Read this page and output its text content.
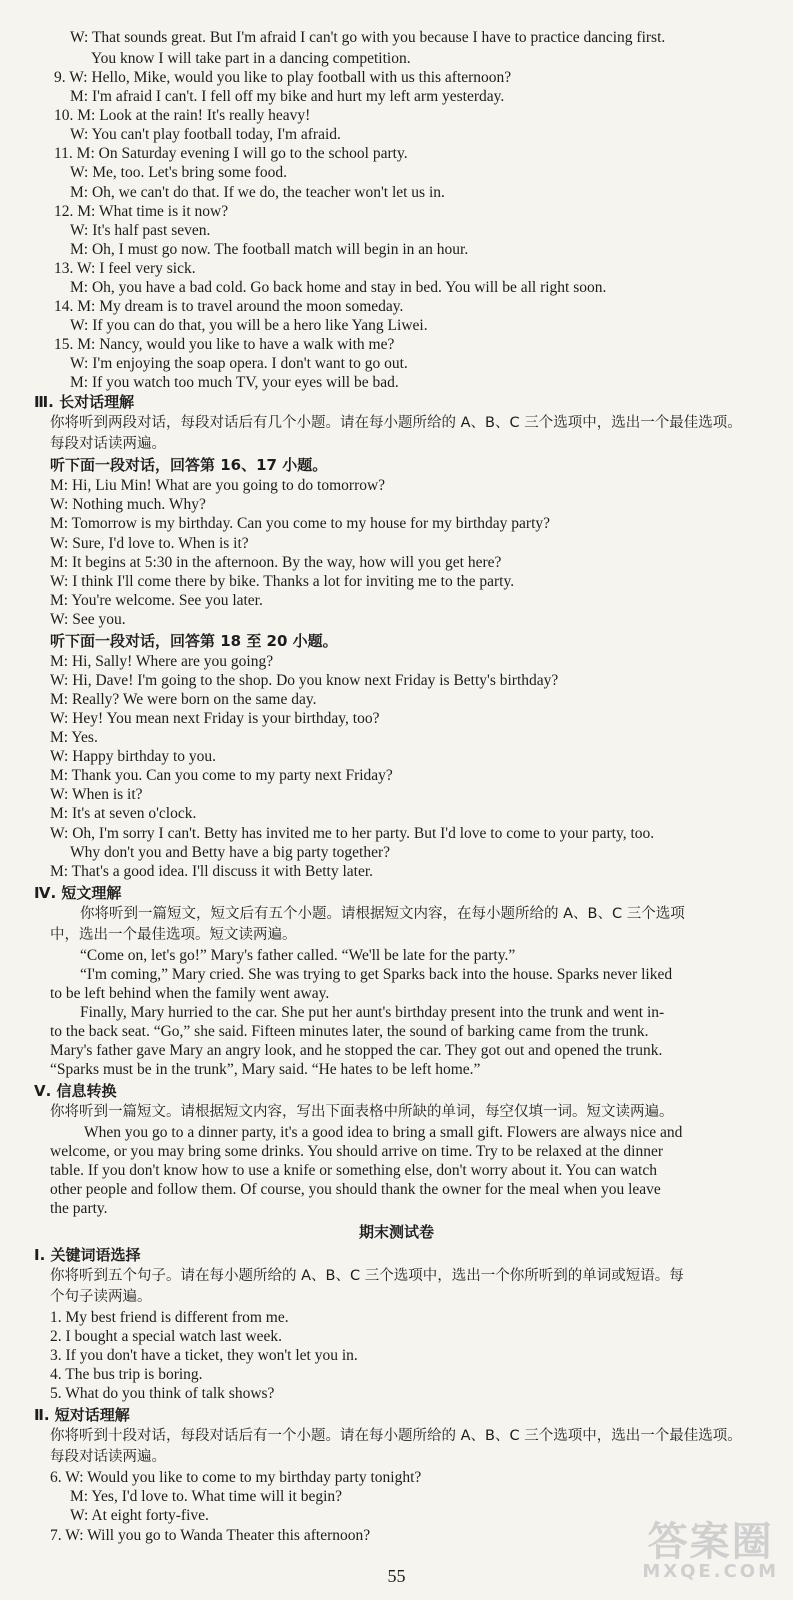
W: That sounds great. But I'm afraid I can't go with you because I have to practice dancing first.
You know I will take part in a dancing competition.
9. W: Hello, Mike, would you like to play football with us this afternoon?
M: I'm afraid I can't. I fell off my bike and hurt my left arm yesterday.
10. M: Look at the rain! It's really heavy!
W: You can't play football today, I'm afraid.
11. M: On Saturday evening I will go to the school party.
W: Me, too. Let's bring some food.
M: Oh, we can't do that. If we do, the teacher won't let us in.
12. M: What time is it now?
W: It's half past seven.
M: Oh, I must go now. The football match will begin in an hour.
13. W: I feel very sick.
M: Oh, you have a bad cold. Go back home and stay in bed. You will be all right soon.
14. M: My dream is to travel around the moon someday.
W: If you can do that, you will be a hero like Yang Liwei.
15. M: Nancy, would you like to have a walk with me?
W: I'm enjoying the soap opera. I don't want to go out.
M: If you watch too much TV, your eyes will be bad.
Ⅲ. 长对话理解
你将听到两段对话，每段对话后有几个小题。请在每小题所给的 A、B、C 三个选项中，选出一个最佳选项。
每段对话读两遍。
听下面一段对话，回答第 16、17 小题。
M: Hi, Liu Min! What are you going to do tomorrow?
W: Nothing much. Why?
M: Tomorrow is my birthday. Can you come to my house for my birthday party?
W: Sure, I'd love to. When is it?
M: It begins at 5:30 in the afternoon. By the way, how will you get here?
W: I think I'll come there by bike. Thanks a lot for inviting me to the party.
M: You're welcome. See you later.
W: See you.
听下面一段对话，回答第 18 至 20 小题。
M: Hi, Sally! Where are you going?
W: Hi, Dave! I'm going to the shop. Do you know next Friday is Betty's birthday?
M: Really? We were born on the same day.
W: Hey! You mean next Friday is your birthday, too?
M: Yes.
W: Happy birthday to you.
M: Thank you. Can you come to my party next Friday?
W: When is it?
M: It's at seven o'clock.
W: Oh, I'm sorry I can't. Betty has invited me to her party. But I'd love to come to your party, too.
Why don't you and Betty have a big party together?
M: That's a good idea. I'll discuss it with Betty later.
Ⅳ. 短文理解
你将听到一篇短文，短文后有五个小题。请根据短文内容，在每小题所给的 A、B、C 三个选项
中，选出一个最佳选项。短文读两遍。
“Come on, let's go!” Mary's father called. “We'll be late for the party.”
“I'm coming,” Mary cried. She was trying to get Sparks back into the house. Sparks never liked
to be left behind when the family went away.
Finally, Mary hurried to the car. She put her aunt's birthday present into the trunk and went in-
to the back seat. “Go,” she said. Fifteen minutes later, the sound of barking came from the trunk.
Mary's father gave Mary an angry look, and he stopped the car. They got out and opened the trunk.
“Sparks must be in the trunk”, Mary said. “He hates to be left home.”
Ⅴ. 信息转换
你将听到一篇短文。请根据短文内容，写出下面表格中所缺的单词，每空仅填一词。短文读两遍。
When you go to a dinner party, it's a good idea to bring a small gift. Flowers are always nice and
welcome, or you may bring some drinks. You should arrive on time. Try to be relaxed at the dinner
table. If you don't know how to use a knife or something else, don't worry about it. You can watch
other people and follow them. Of course, you should thank the owner for the meal when you leave
the party.
期末测试卷
Ⅰ. 关键词语选择
你将听到五个句子。请在每小题所给的 A、B、C 三个选项中，选出一个你所听到的单词或短语。每
个句子读两遍。
1. My best friend is different from me.
2. I bought a special watch last week.
3. If you don't have a ticket, they won't let you in.
4. The bus trip is boring.
5. What do you think of talk shows?
Ⅱ. 短对话理解
你将听到十段对话，每段对话后有一个小题。请在每小题所给的 A、B、C 三个选项中，选出一个最佳选项。
每段对话读两遍。
6. W: Would you like to come to my birthday party tonight?
M: Yes, I'd love to. What time will it begin?
W: At eight forty-five.
7. W: Will you go to Wanda Theater this afternoon?
55
答案圈
MXQE.COM
